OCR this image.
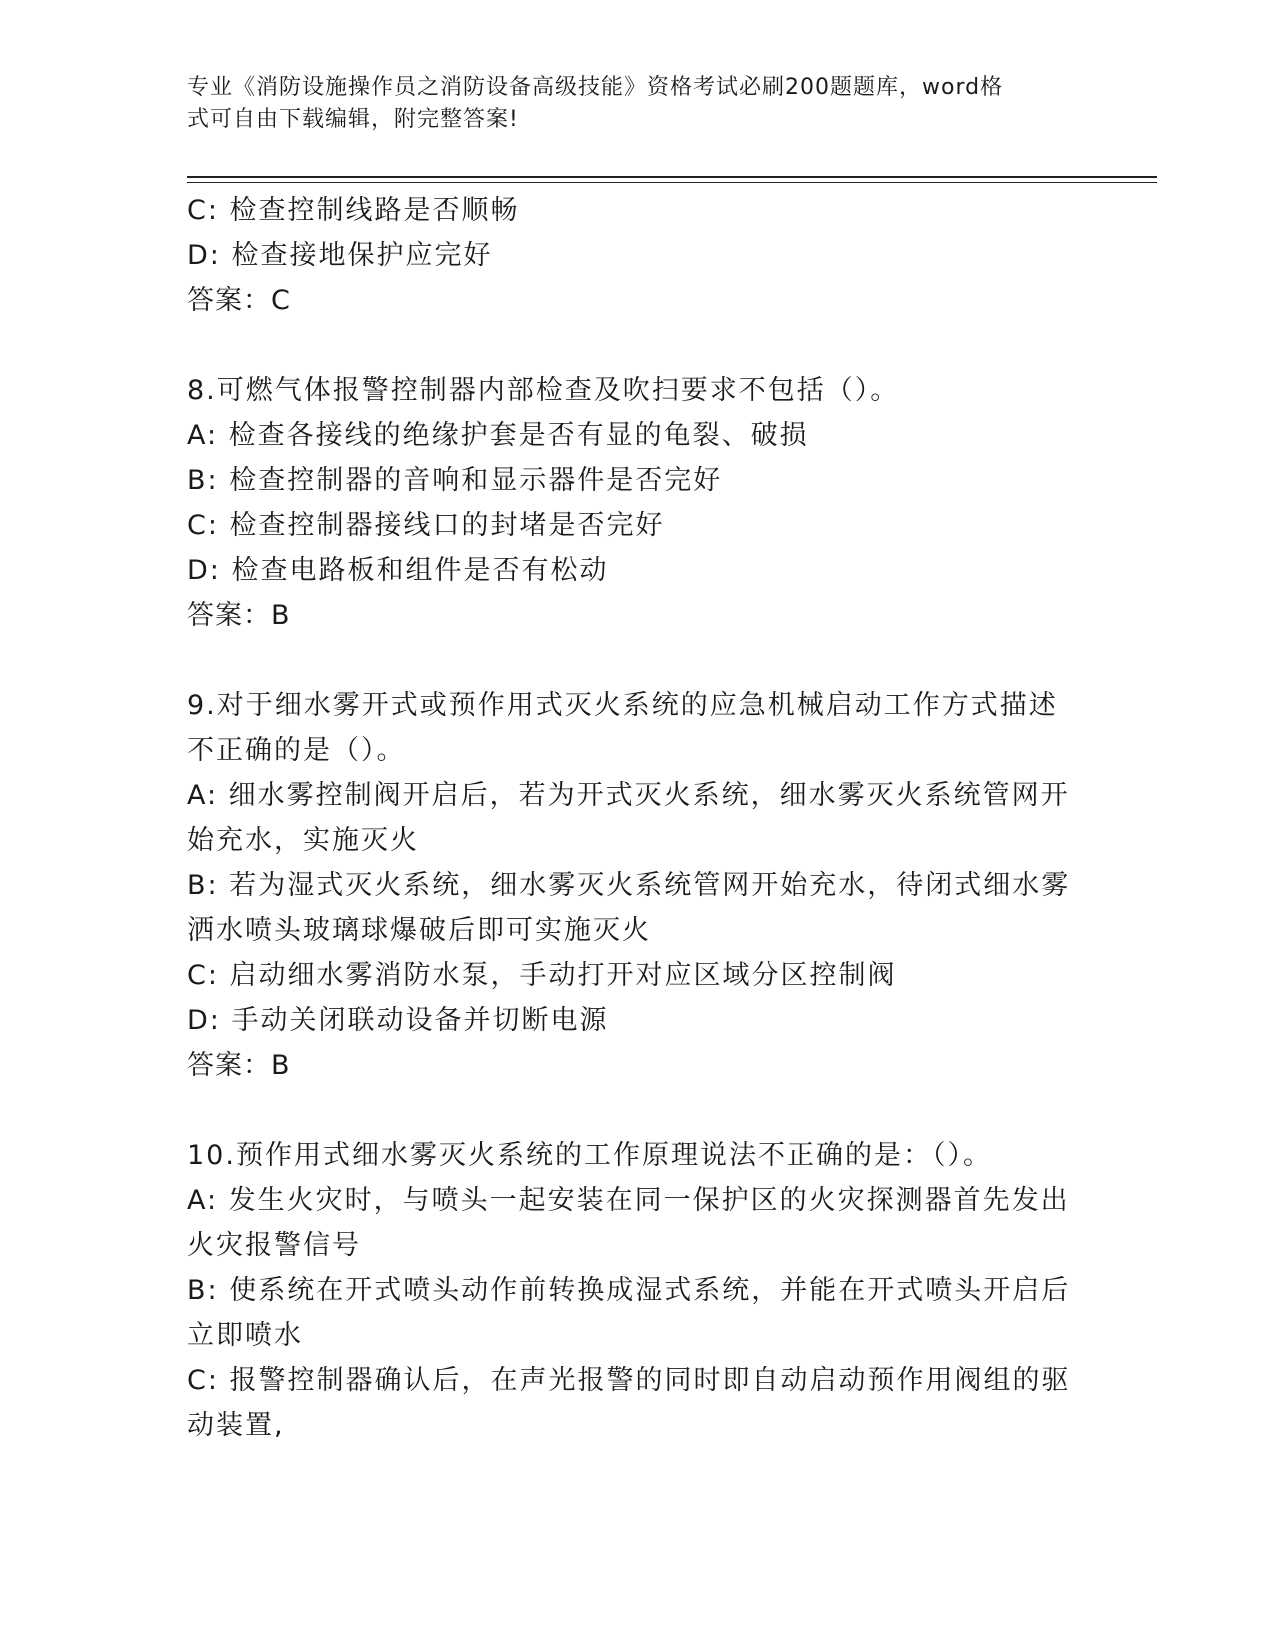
专业《消防设施操作员之消防设备高级技能》资格考试必刷200题题库，word格
式可自由下载编辑，附完整答案!

C: 检查控制线路是否顺畅

D: 检查接地保护应完好

答案：C

8.可燃气体报警控制器内部检查及吹扫要求不包括（）。

A: 检查各接线的绝缘护套是否有显的龟裂、破损

B: 检查控制器的音响和显示器件是否完好

C: 检查控制器接线口的封堵是否完好

D: 检查电路板和组件是否有松动

答案：B

9.对于细水雾开式或预作用式灭火系统的应急机械启动工作方式描述

不正确的是（）。

A: 细水雾控制阀开启后，若为开式灭火系统，细水雾灭火系统管网开

始充水，实施灭火

B: 若为湿式灭火系统，细水雾灭火系统管网开始充水，待闭式细水雾

洒水喷头玻璃球爆破后即可实施灭火

C: 启动细水雾消防水泵，手动打开对应区域分区控制阀

D: 手动关闭联动设备并切断电源

答案：B

10.预作用式细水雾灭火系统的工作原理说法不正确的是：（）。

A: 发生火灾时，与喷头一起安装在同一保护区的火灾探测器首先发出

火灾报警信号

B: 使系统在开式喷头动作前转换成湿式系统，并能在开式喷头开启后

立即喷水

C: 报警控制器确认后，在声光报警的同时即自动启动预作用阀组的驱

动装置,
